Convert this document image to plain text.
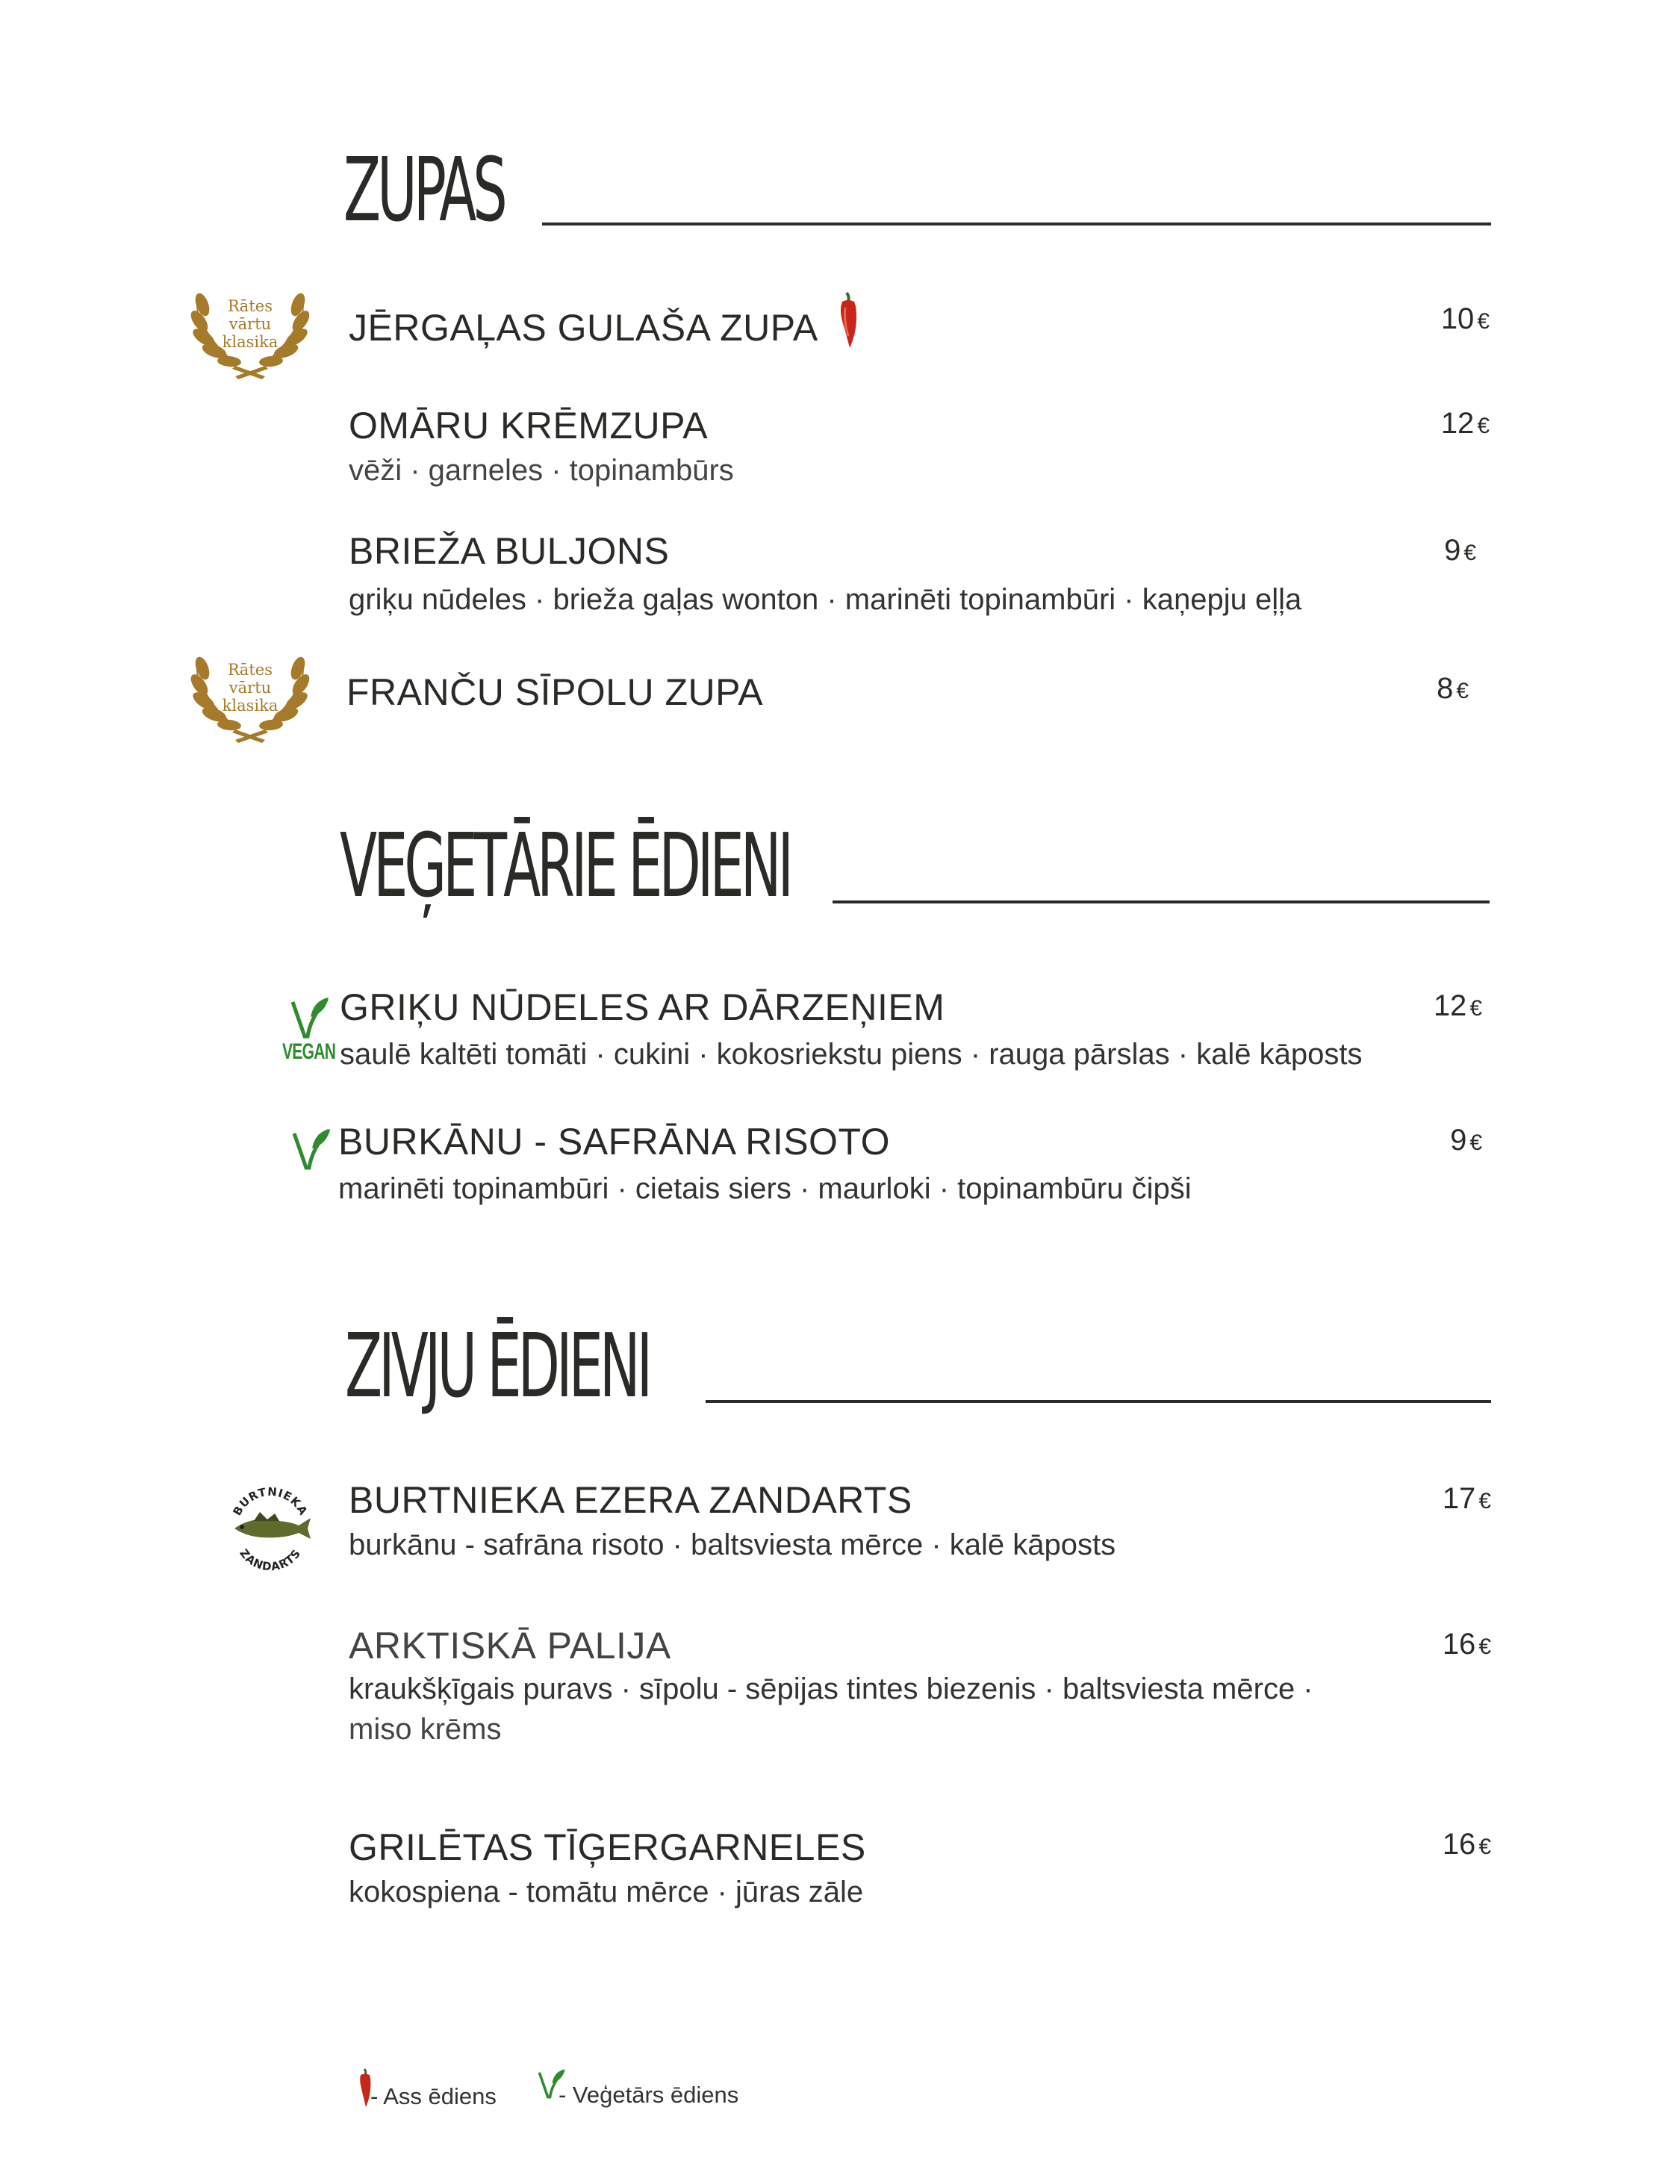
ZUPAS
Rātes vārtu klasika JĒRGAĻAS GULAŠA ZUPA	10 €
OMĀRU KRĒMZUPA
vēži · garneles · topinambūrs
12 €
BRIEŽA BULJONS
griķu nūdeles · brieža gaļas wonton · marinēti topinambūri · kaņepju eļļa
9 €
Rātes vārtu klasika FRANČU SĪPOLU ZUPA	8 €
VEĢETĀRIE ĒDIENI
VEGAN
GRIĶU NŪDELES AR DĀRZEŅIEM
saulē kaltēti tomāti · cukini · kokosriekstu piens · rauga pārslas · kalē kāposts
12 €
BURKĀNU - SAFRĀNA RISOTO
marinēti topinambūri · cietais siers · maurloki · topinambūru čipši
9 €
ZIVJU ĒDIENI
BURTNIEKA
ZANDARTS
BURTNIEKA EZERA ZANDARTS
burkānu - safrāna risoto · baltsviesta mērce · kalē kāposts
17 €
ARKTISKĀ PALIJA
kraukšķīgais puravs · sīpolu - sēpijas tintes biezenis · baltsviesta mērce ·
miso krēms
16 €
GRILĒTAS TĪĢERGARNELES
kokospiena - tomātu mērce · jūras zāle
16 €
- Ass ēdiens	- Veģetārs ēdiens
